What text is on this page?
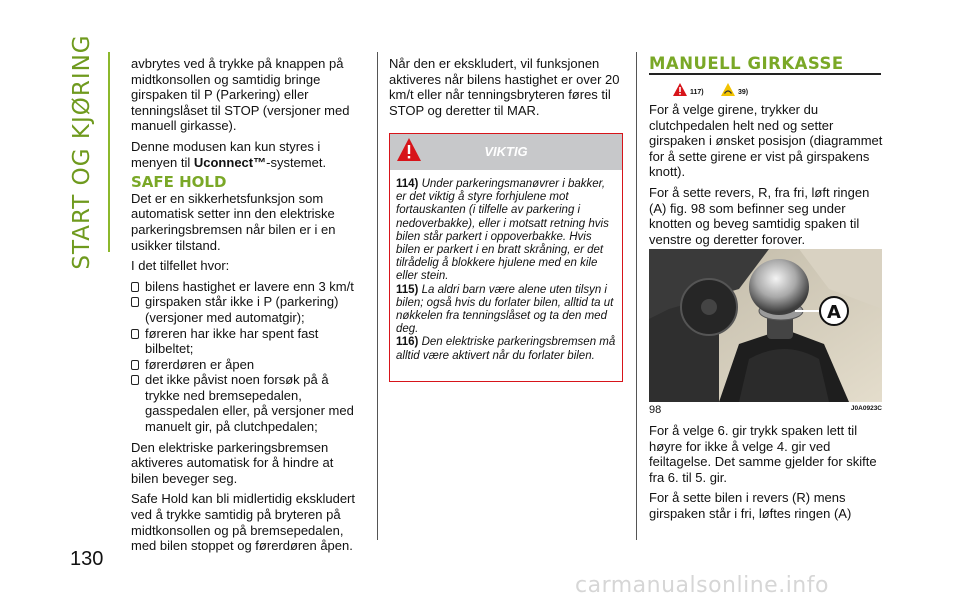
START OG KJØRING
130

avbrytes ved å trykke på knappen på midtkonsollen og samtidig bringe girspaken til P (Parkering) eller tenningslåset til STOP (versjoner med manuell girkasse).

Denne modusen kan kun styres i menyen til Uconnect™-systemet.

SAFE HOLD

Det er en sikkerhetsfunksjon som automatisk setter inn den elektriske parkeringsbremsen når bilen er i en usikker tilstand.

I det tilfellet hvor:

bilens hastighet er lavere enn 3 km/t
girspaken står ikke i P (parkering) (versjoner med automatgir);
føreren har ikke har spent fast bilbeltet;
førerdøren er åpen
det ikke påvist noen forsøk på å trykke ned bremsepedalen, gasspedalen eller, på versjoner med manuelt gir, på clutchpedalen;

Den elektriske parkeringsbremsen aktiveres automatisk for å hindre at bilen beveger seg.

Safe Hold kan bli midlertidig ekskludert ved å trykke samtidig på bryteren på midtkonsollen og på bremsepedalen, med bilen stoppet og førerdøren åpen.

Når den er ekskludert, vil funksjonen aktiveres når bilens hastighet er over 20 km/t eller når tenningsbryteren føres til STOP og deretter til MAR.

VIKTIG

114) Under parkeringsmanøvrer i bakker, er det viktig å styre forhjulene mot fortauskanten (i tilfelle av parkering i nedoverbakke), eller i motsatt retning hvis bilen står parkert i oppoverbakke. Hvis bilen er parkert i en bratt skråning, er det tilrådelig å blokkere hjulene med en kile eller stein.

115) La aldri barn være alene uten tilsyn i bilen; også hvis du forlater bilen, alltid ta ut nøkkelen fra tenningslåset og ta den med deg.

116) Den elektriske parkeringsbremsen må alltid være aktivert når du forlater bilen.

MANUELL GIRKASSE
117)	39)

For å velge girene, trykker du clutchpedalen helt ned og setter girspaken i ønsket posisjon (diagrammet for å sette girene er vist på girspakens knott).

For å sette revers, R, fra fri, løft ringen (A) fig. 98 som befinner seg under knotten og beveg samtidig spaken til venstre og deretter forover.

A
98	J0A0923C

For å velge 6. gir trykk spaken lett til høyre for ikke å velge 4. gir ved feiltagelse. Det samme gjelder for skifte fra 6. til 5. gir.

For å sette bilen i revers (R) mens girspaken står i fri, løftes ringen (A)

carmanualsonline.info
